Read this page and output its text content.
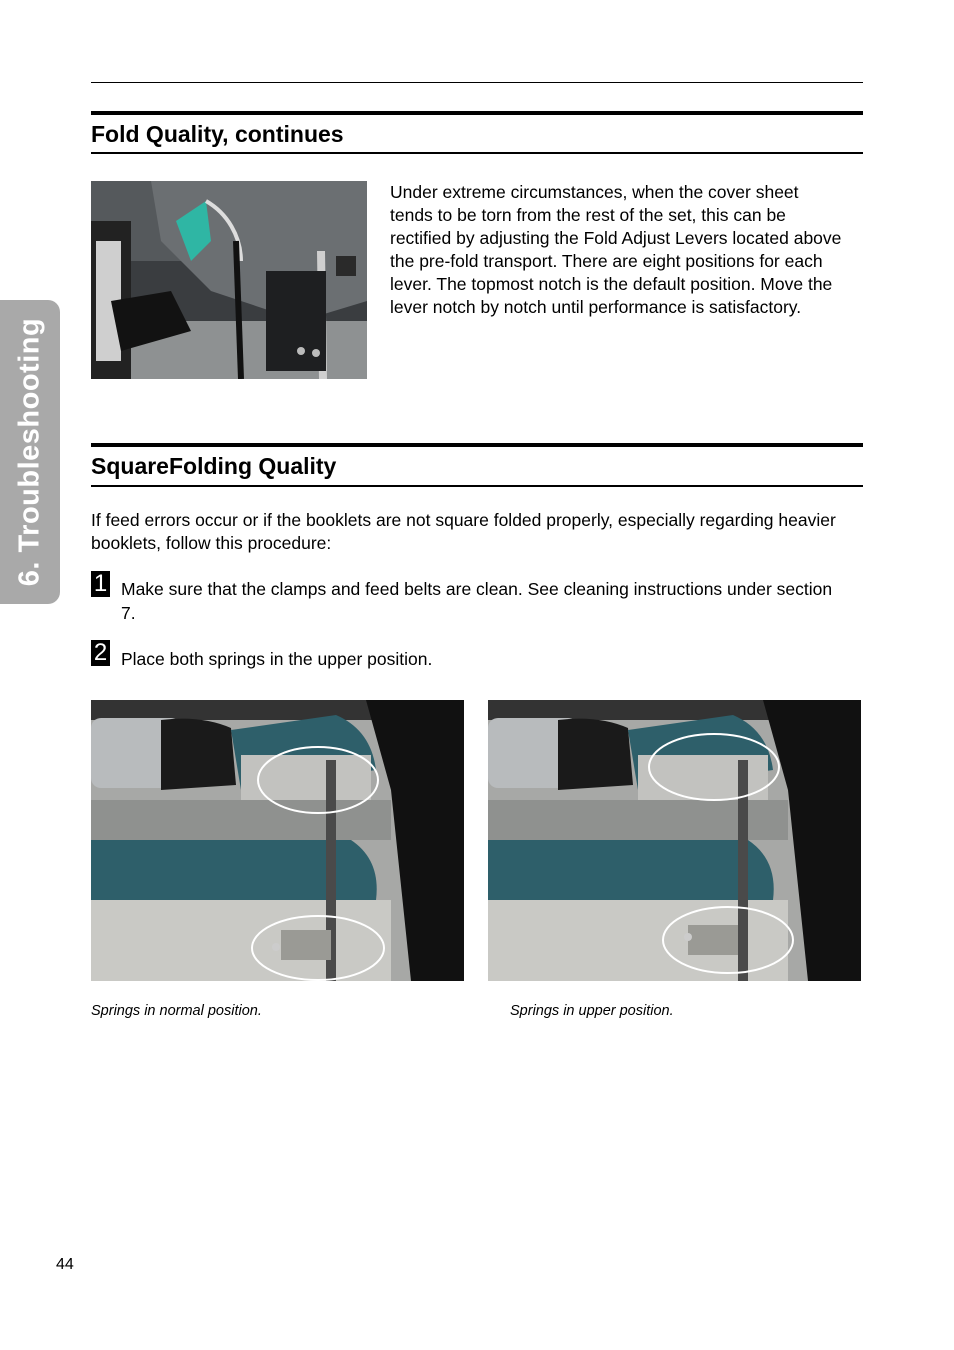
6. Troubleshooting
Fold Quality, continues

Under extreme circumstances, when the cover sheet tends to be torn from the rest of the set, this can be rectified by adjusting the Fold Adjust Levers located above the pre-fold transport. There are eight positions for each lever. The topmost notch is the default position. Move the lever notch by notch until performance is satisfactory.

SquareFolding Quality

If feed errors occur or if the booklets are not square folded properly, especially regarding heavier booklets, follow this procedure:

1 Make sure that the clamps and feed belts are clean. See cleaning instructions under section 7.

2 Place both springs in the upper position.

Springs in normal position.	Springs in upper position.
44
